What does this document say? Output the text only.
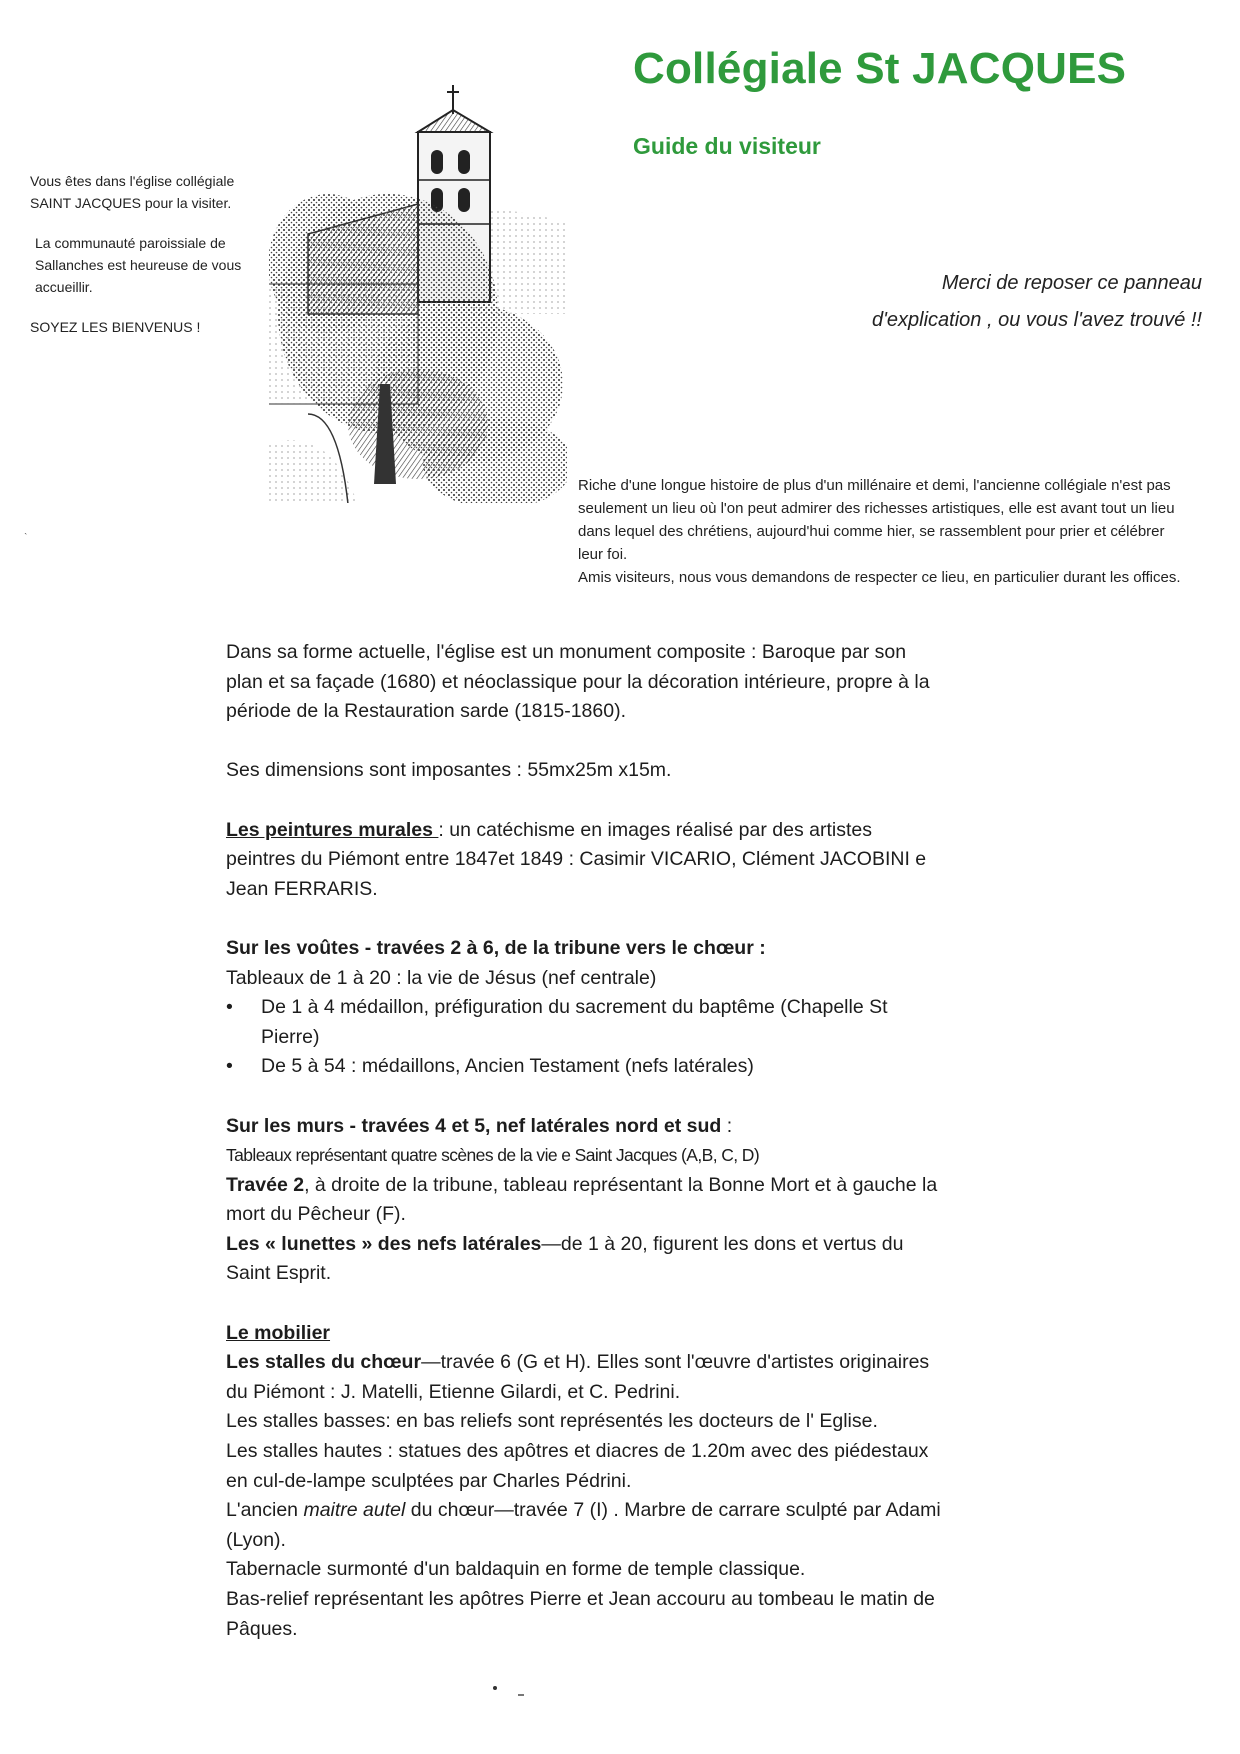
Collégiale St JACQUES
Guide du visiteur

Vous êtes dans l'église collégiale SAINT JACQUES pour la visiter.

La communauté paroissiale de Sallanches est heureuse de vous accueillir.

SOYEZ LES BIENVENUS !

Merci de reposer ce panneau d'explication , ou vous l'avez trouvé !!

Riche d'une longue histoire de plus d'un millénaire et demi, l'ancienne collégiale n'est pas seulement un lieu où l'on peut admirer des richesses artistiques, elle est avant tout un lieu dans lequel des chrétiens, aujourd'hui comme hier, se rassemblent pour prier et célébrer leur foi.

Amis visiteurs, nous vous demandons de respecter ce lieu, en particulier durant les offices.

˴

Dans sa forme actuelle, l'église est un monument composite : Baroque par son plan et sa façade (1680) et néoclassique pour la décoration intérieure, propre à la période de la Restauration sarde (1815-1860).

Ses dimensions sont imposantes : 55mx25m x15m.

Les peintures murales : un catéchisme en images réalisé par des artistes peintres du Piémont entre 1847et 1849 : Casimir VICARIO, Clément JACOBINI e Jean FERRARIS.

Sur les voûtes - travées 2 à 6, de la tribune vers le chœur :

Tableaux de 1 à 20 : la vie de Jésus (nef centrale)

• De 1 à 4 médaillon, préfiguration du sacrement du baptême (Chapelle St Pierre)
• De 5 à 54 : médaillons, Ancien Testament (nefs latérales)

Sur les murs - travées 4 et 5, nef latérales nord et sud :

Tableaux représentant quatre scènes de la vie e Saint Jacques (A,B, C, D)

Travée 2, à droite de la tribune, tableau représentant la Bonne Mort et à gauche la mort du Pêcheur (F).

Les « lunettes » des nefs latérales—de 1 à 20, figurent les dons et vertus du Saint Esprit.

Le mobilier

Les stalles du chœur—travée 6 (G et H). Elles sont l'œuvre d'artistes originaires du Piémont : J. Matelli, Etienne Gilardi, et C. Pedrini.

Les stalles basses: en bas reliefs sont représentés les docteurs de l' Eglise.

Les stalles hautes : statues des apôtres et diacres de 1.20m avec des piédestaux en cul-de-lampe sculptées par Charles Pédrini.

L'ancien maitre autel du chœur—travée 7 (I) . Marbre de carrare sculpté par Adami (Lyon).

Tabernacle surmonté d'un baldaquin en forme de temple classique.

Bas-relief représentant les apôtres Pierre et Jean accouru au tombeau le matin de Pâques.
